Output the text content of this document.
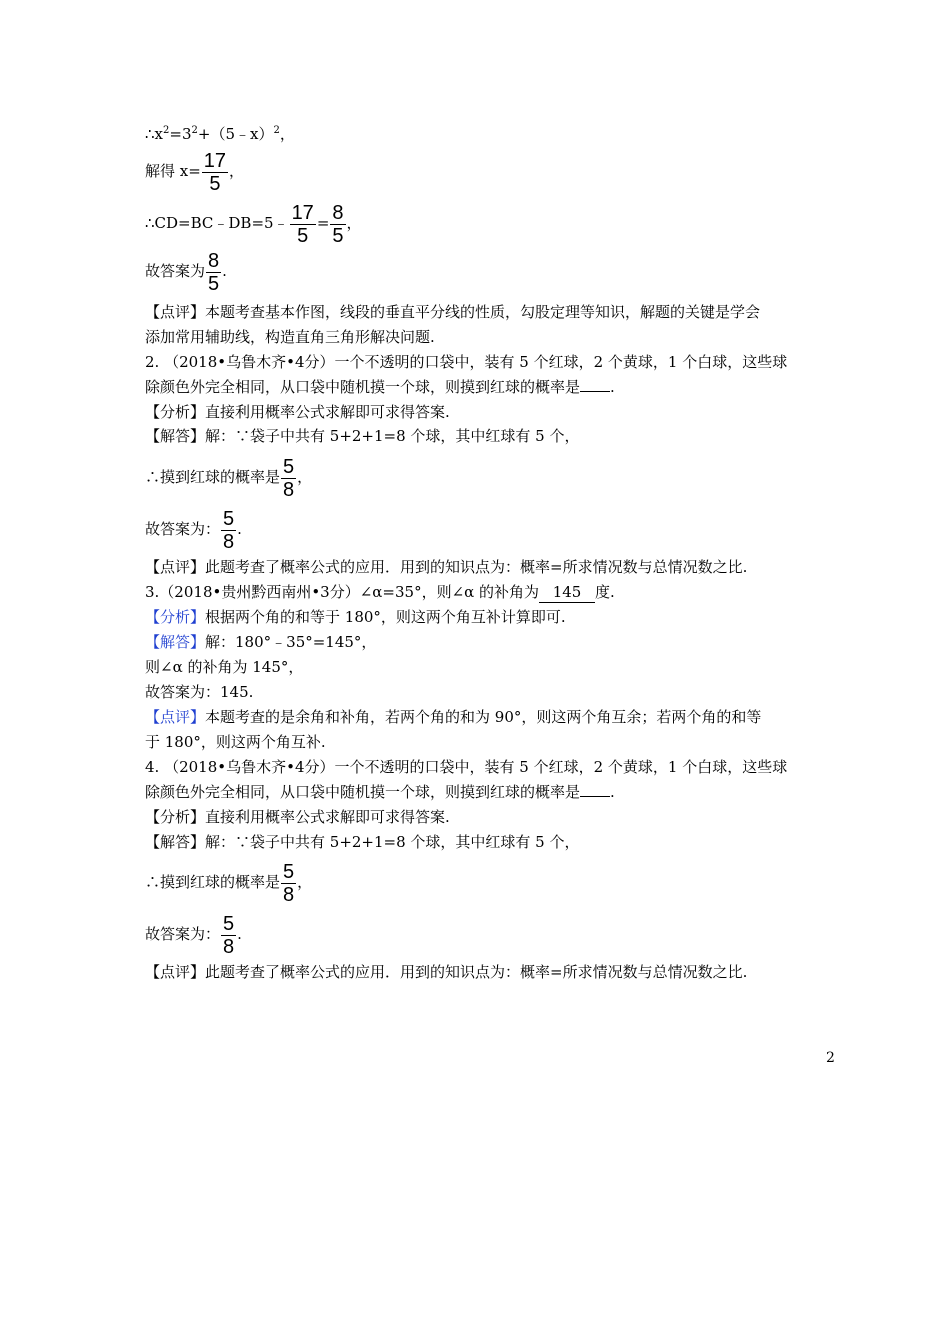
$\therefore x^2=3^2+(5﹣x)^2$，
解得 $x= \frac{17}{5}$ ，
∴CD=BC﹣DB=5﹣ $\frac{17}{5} = \frac{8}{5}$ ，
故答案为 $\frac{8}{5}$ .
【点评】本题考查基本作图，线段的垂直平分线的性质，勾股定理等知识，解题的关键是学会
添加常用辅助线，构造直角三角形解决问题.
2. （2018•乌鲁木齐•4分）一个不透明的口袋中，装有 5 个红球，2 个黄球，1 个白球，这些球
除颜色外完全相同，从口袋中随机摸一个球，则摸到红球的概率是 .
【分析】直接利用概率公式求解即可求得答案.
【解答】解：∵袋子中共有 5+2+1=8 个球，其中红球有 5 个，
∴摸到红球的概率是 $\frac{5}{8}$ ，
故答案为： $\frac{5}{8}$ .
【点评】此题考查了概率公式的应用．用到的知识点为：概率=所求情况数与总情况数之比.
3.（2018•贵州黔西南州•3分）∠α=35°，则∠α 的补角为 145 度.
【分析】根据两个角的和等于 180°，则这两个角互补计算即可.
【解答】解：180°﹣35°=145°，
则∠α 的补角为 145°，
故答案为：145.
【点评】本题考查的是余角和补角，若两个角的和为 90°，则这两个角互余；若两个角的和等
于 180°，则这两个角互补.
4. （2018•乌鲁木齐•4分）一个不透明的口袋中，装有 5 个红球，2 个黄球，1 个白球，这些球
除颜色外完全相同，从口袋中随机摸一个球，则摸到红球的概率是 .
【分析】直接利用概率公式求解即可求得答案.
【解答】解：∵袋子中共有 5+2+1=8 个球，其中红球有 5 个，
∴摸到红球的概率是 $\frac{5}{8}$ ，
故答案为： $\frac{5}{8}$ .
【点评】此题考查了概率公式的应用．用到的知识点为：概率=所求情况数与总情况数之比.
2
